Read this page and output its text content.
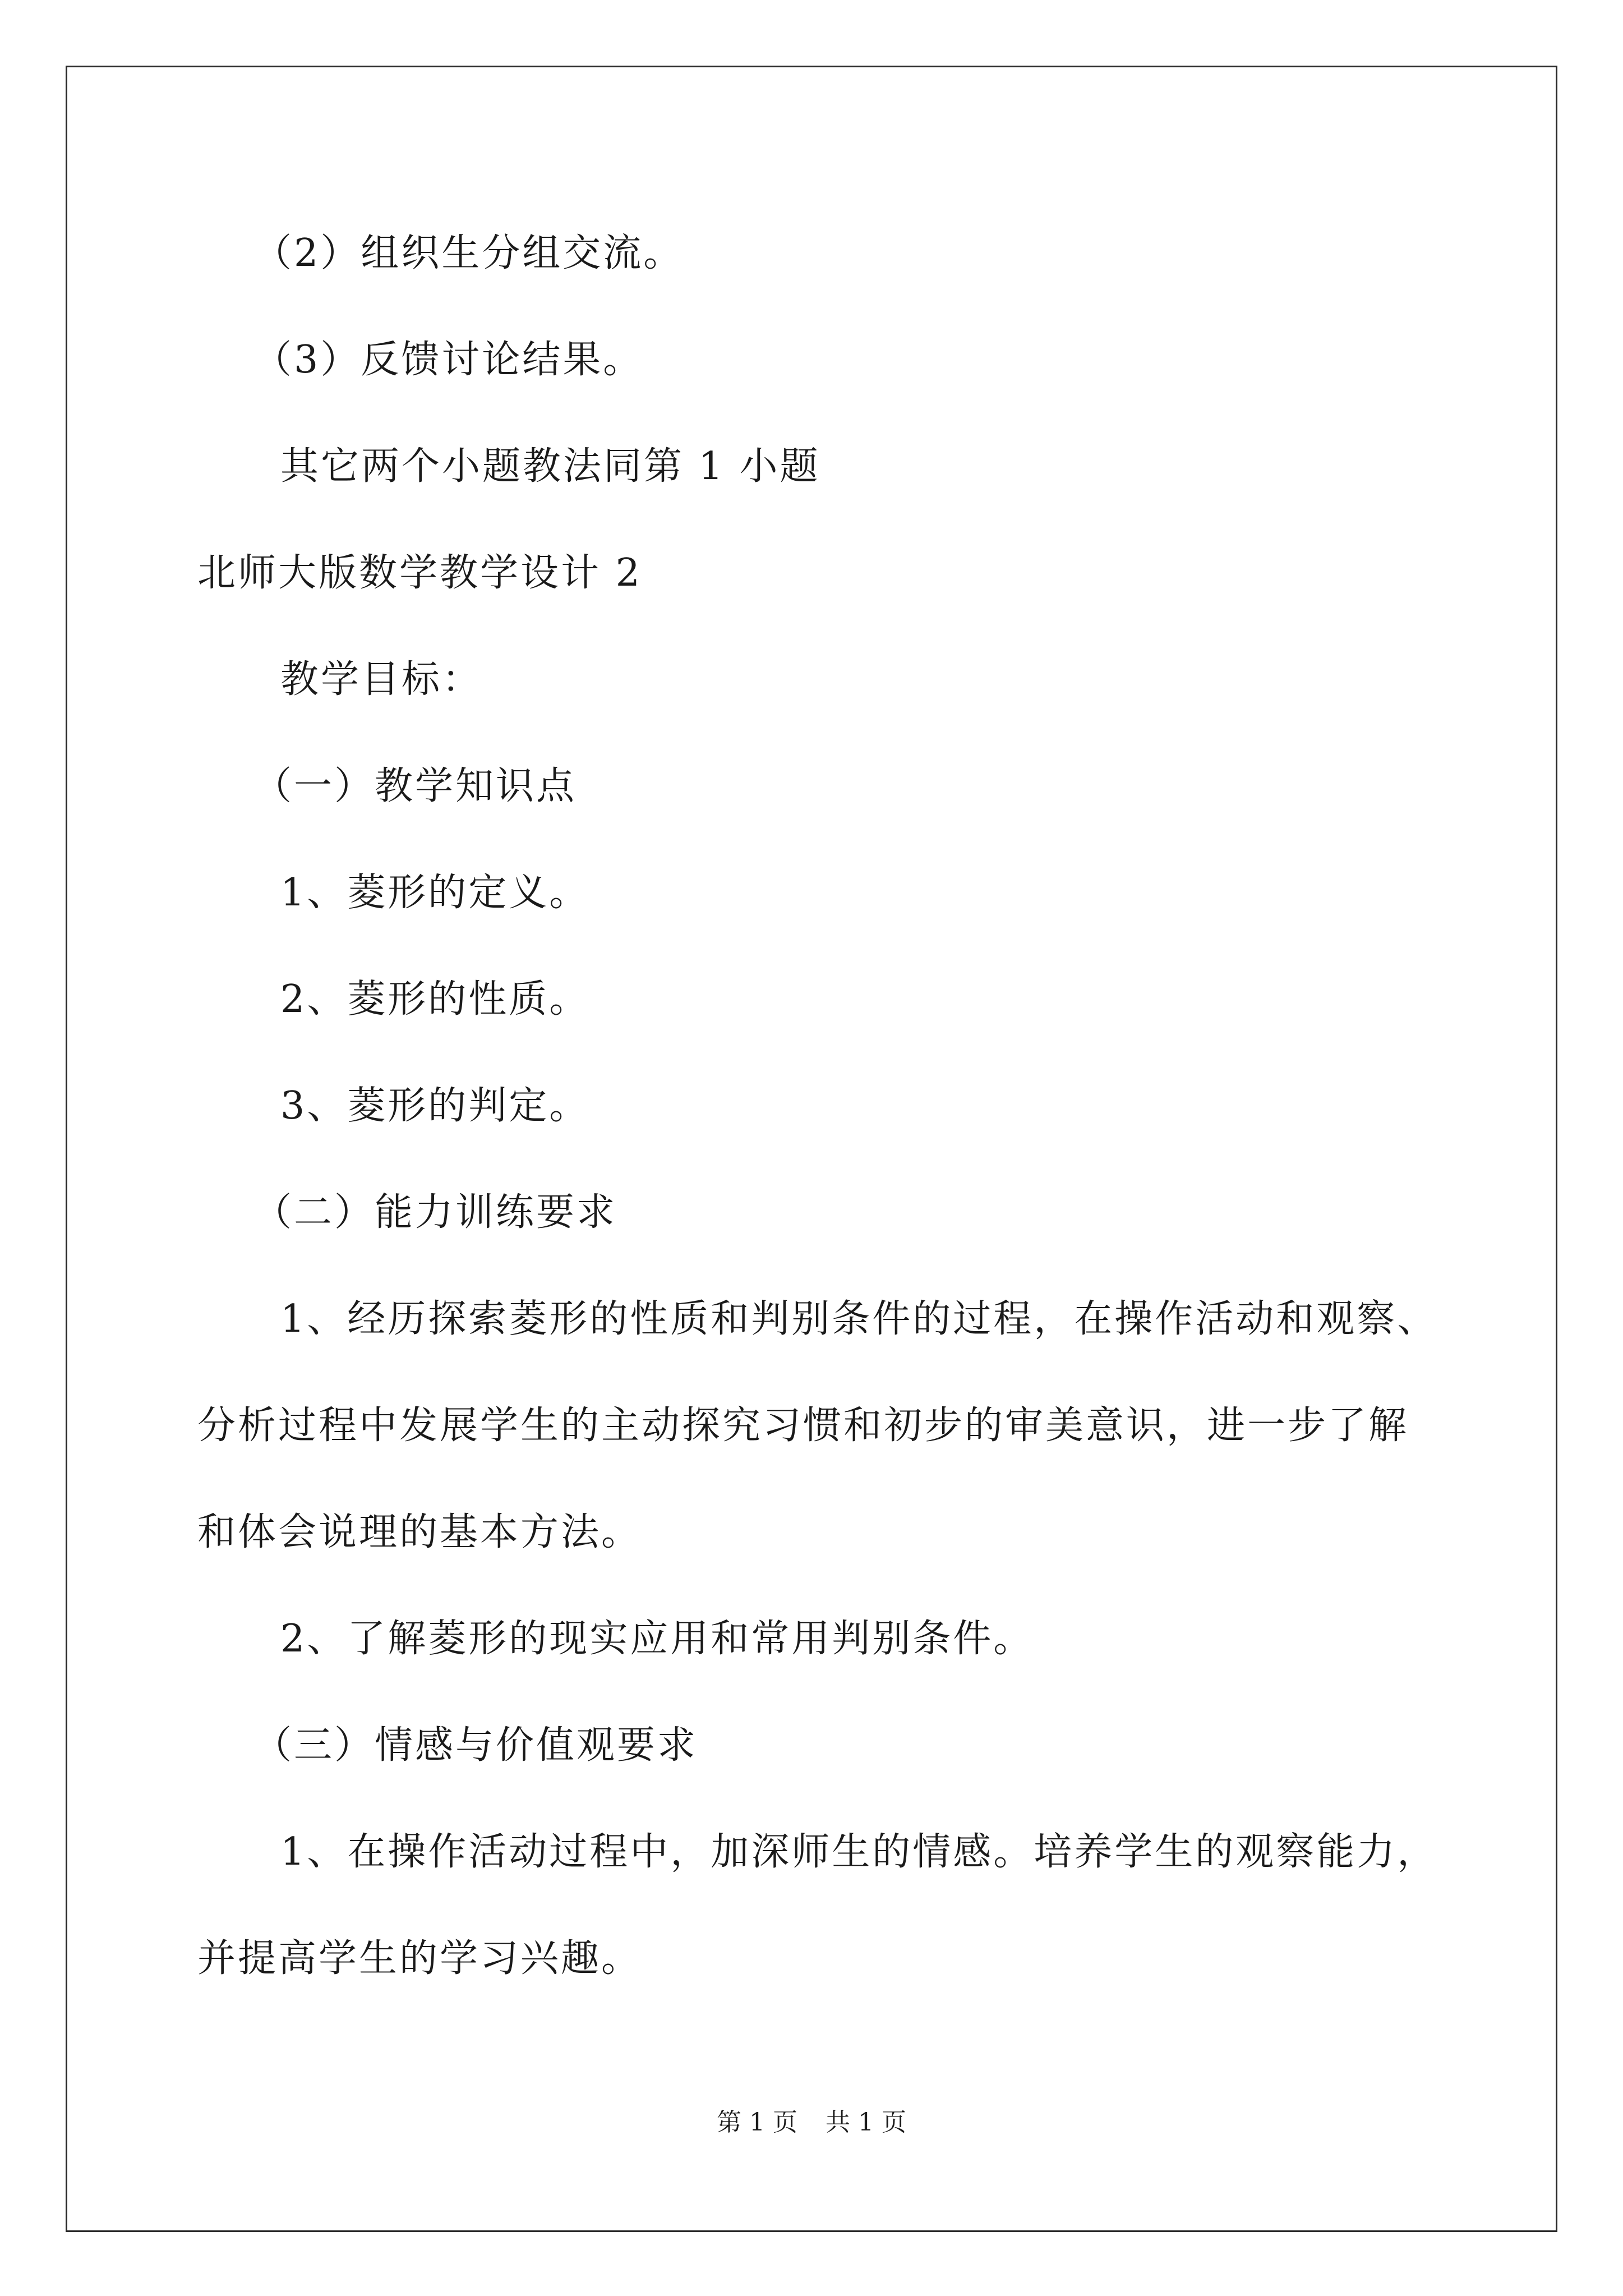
（2）组织生分组交流。
（3）反馈讨论结果。
其它两个小题教法同第 1 小题
北师大版数学教学设计 2
教学目标：
（一）教学知识点
1、菱形的定义。
2、菱形的性质。
3、菱形的判定。
（二）能力训练要求
1、经历探索菱形的性质和判别条件的过程，在操作活动和观察、
分析过程中发展学生的主动探究习惯和初步的审美意识，进一步了解
和体会说理的基本方法。
2、了解菱形的现实应用和常用判别条件。
（三）情感与价值观要求
1、在操作活动过程中，加深师生的情感。培养学生的观察能力，
并提高学生的学习兴趣。
第 1 页 共 1 页
